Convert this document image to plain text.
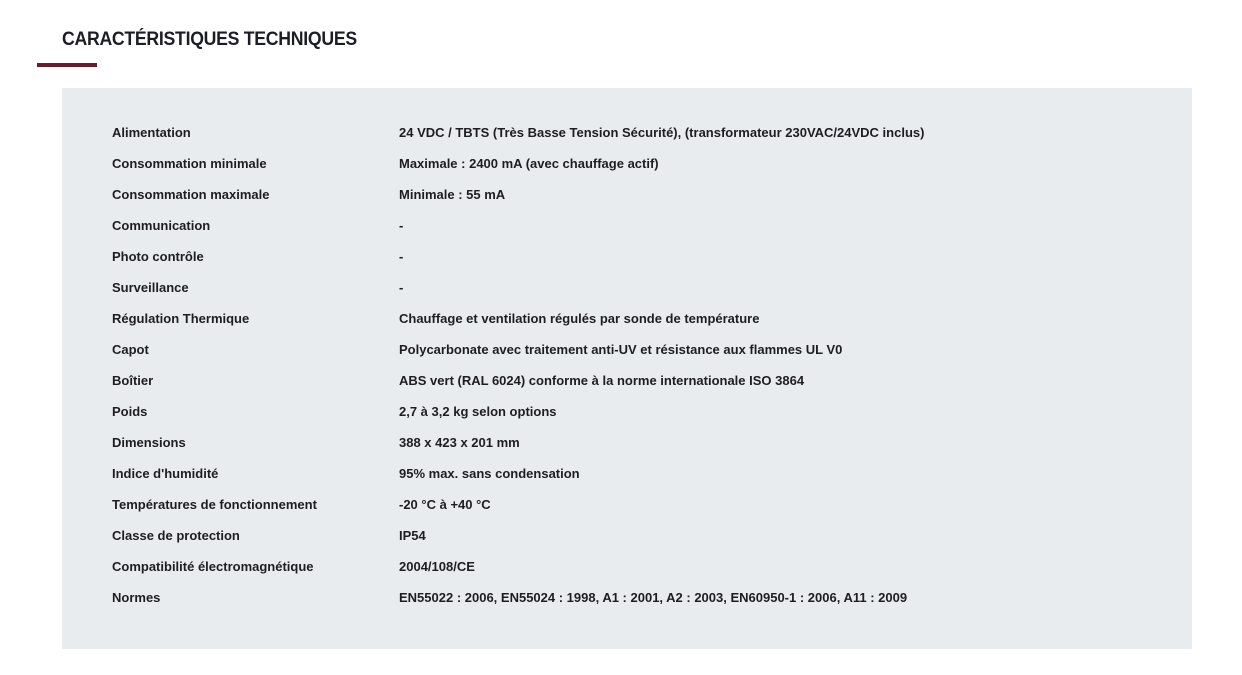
CARACTÉRISTIQUES TECHNIQUES
Alimentation	24 VDC / TBTS (Très Basse Tension Sécurité), (transformateur 230VAC/24VDC inclus)
Consommation minimale	Maximale : 2400 mA (avec chauffage actif)
Consommation maximale	Minimale : 55 mA
Communication	-
Photo contrôle	-
Surveillance	-
Régulation Thermique	Chauffage et ventilation régulés par sonde de température
Capot	Polycarbonate avec traitement anti-UV et résistance aux flammes UL V0
Boîtier	ABS vert (RAL 6024) conforme à la norme internationale ISO 3864
Poids	2,7 à 3,2 kg selon options
Dimensions	388 x 423 x 201 mm
Indice d'humidité	95% max. sans condensation
Températures de fonctionnement	-20 °C à +40 °C
Classe de protection	IP54
Compatibilité électromagnétique	2004/108/CE
Normes	EN55022 : 2006, EN55024 : 1998, A1 : 2001, A2 : 2003, EN60950-1 : 2006, A11 : 2009
